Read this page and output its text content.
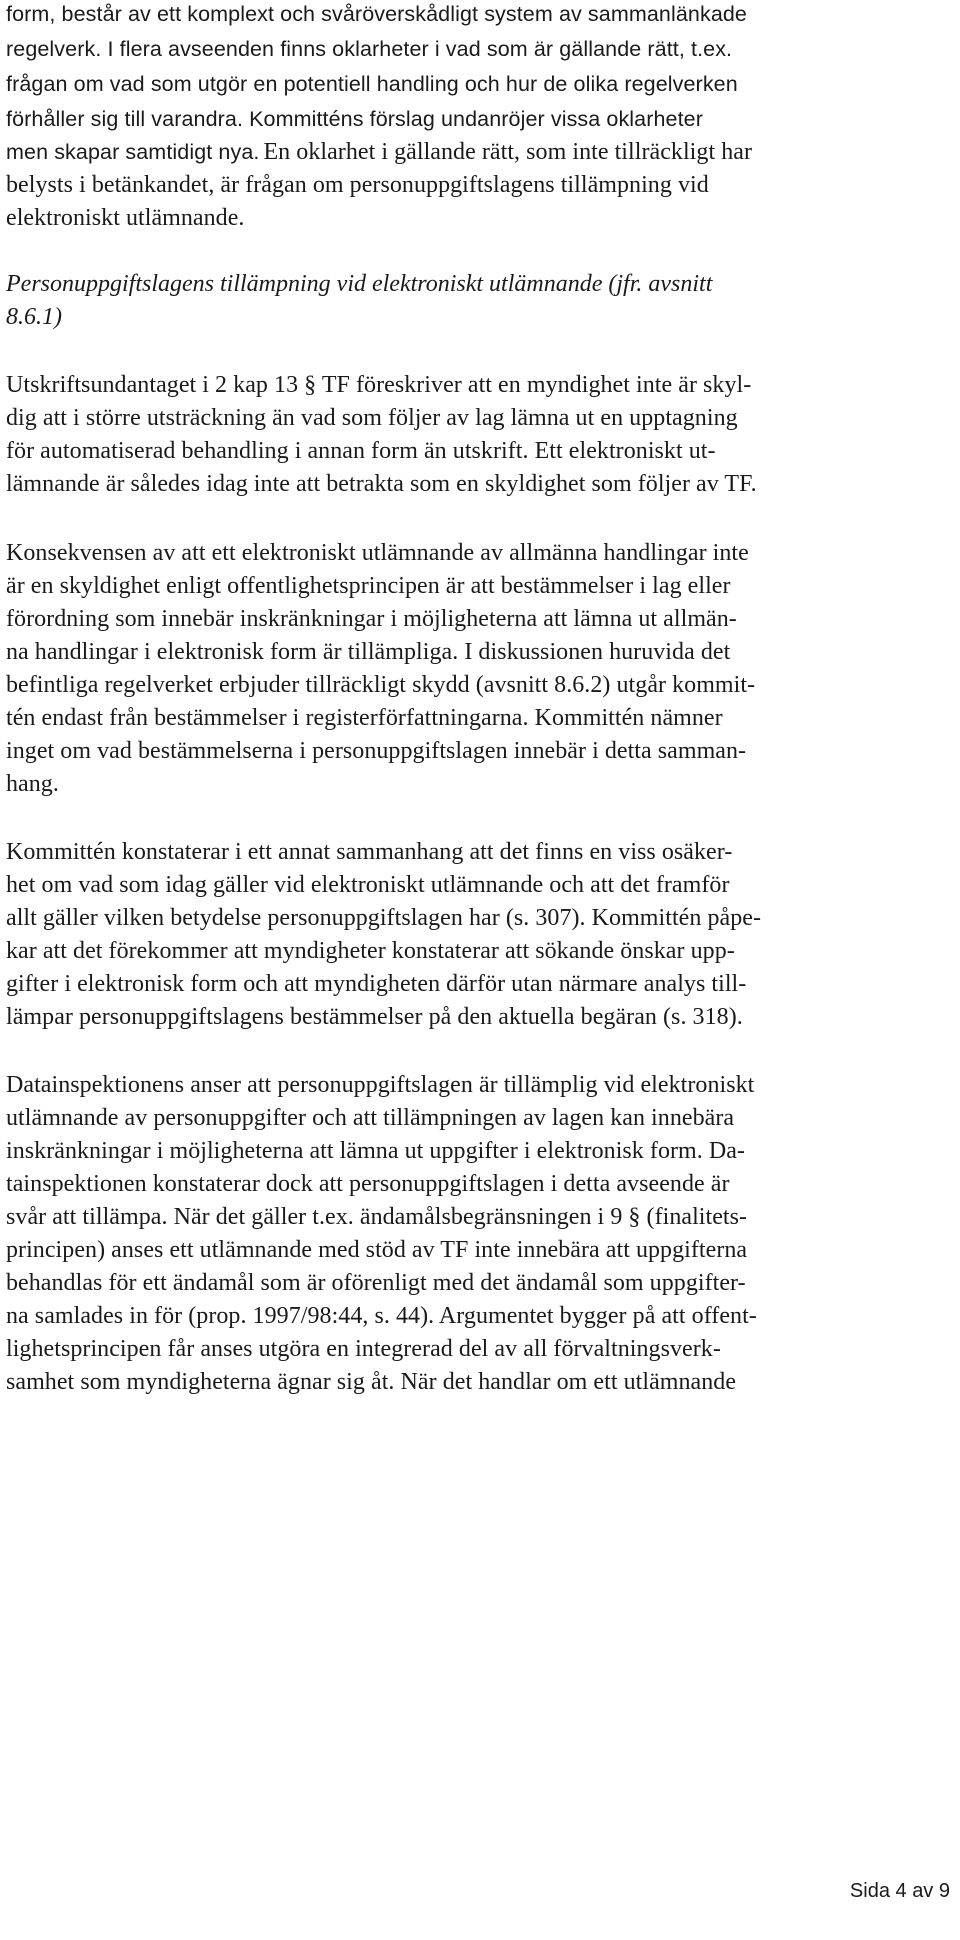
form, består av ett komplext och svåröverskådligt system av sammanlänkade
regelverk. I flera avseenden finns oklarheter i vad som är gällande rätt, t.ex.
frågan om vad som utgör en potentiell handling och hur de olika regelverken
förhåller sig till varandra. Kommitténs förslag undanröjer vissa oklarheter
men skapar samtidigt nya. En oklarhet i gällande rätt, som inte tillräckligt har
belysts i betänkandet, är frågan om personuppgiftslagens tillämpning vid
elektroniskt utlämnande.
Personuppgiftslagens tillämpning vid elektroniskt utlämnande (jfr. avsnitt
8.6.1)
Utskriftsundantaget i 2 kap 13 § TF föreskriver att en myndighet inte är skyl-
dig att i större utsträckning än vad som följer av lag lämna ut en upptagning
för automatiserad behandling i annan form än utskrift. Ett elektroniskt ut-
lämnande är således idag inte att betrakta som en skyldighet som följer av TF.
Konsekvensen av att ett elektroniskt utlämnande av allmänna handlingar inte
är en skyldighet enligt offentlighetsprincipen är att bestämmelser i lag eller
förordning som innebär inskränkningar i möjligheterna att lämna ut allmän-
na handlingar i elektronisk form är tillämpliga. I diskussionen huruvida det
befintliga regelverket erbjuder tillräckligt skydd (avsnitt 8.6.2) utgår kommit-
tén endast från bestämmelser i registerförfattningarna. Kommittén nämner
inget om vad bestämmelserna i personuppgiftslagen innebär i detta samman-
hang.
Kommittén konstaterar i ett annat sammanhang att det finns en viss osäker-
het om vad som idag gäller vid elektroniskt utlämnande och att det framför
allt gäller vilken betydelse personuppgiftslagen har (s. 307). Kommittén påpe-
kar att det förekommer att myndigheter konstaterar att sökande önskar upp-
gifter i elektronisk form och att myndigheten därför utan närmare analys till-
lämpar personuppgiftslagens bestämmelser på den aktuella begäran (s. 318).
Datainspektionens anser att personuppgiftslagen är tillämplig vid elektroniskt
utlämnande av personuppgifter och att tillämpningen av lagen kan innebära
inskränkningar i möjligheterna att lämna ut uppgifter i elektronisk form. Da-
tainspektionen konstaterar dock att personuppgiftslagen i detta avseende är
svår att tillämpa. När det gäller t.ex. ändamålsbegränsningen i 9 § (finalitets-
principen) anses ett utlämnande med stöd av TF inte innebära att uppgifterna
behandlas för ett ändamål som är oförenligt med det ändamål som uppgifter-
na samlades in för (prop. 1997/98:44, s. 44). Argumentet bygger på att offent-
lighetsprincipen får anses utgöra en integrerad del av all förvaltningsverk-
samhet som myndigheterna ägnar sig åt. När det handlar om ett utlämnande
Sida 4 av 9
